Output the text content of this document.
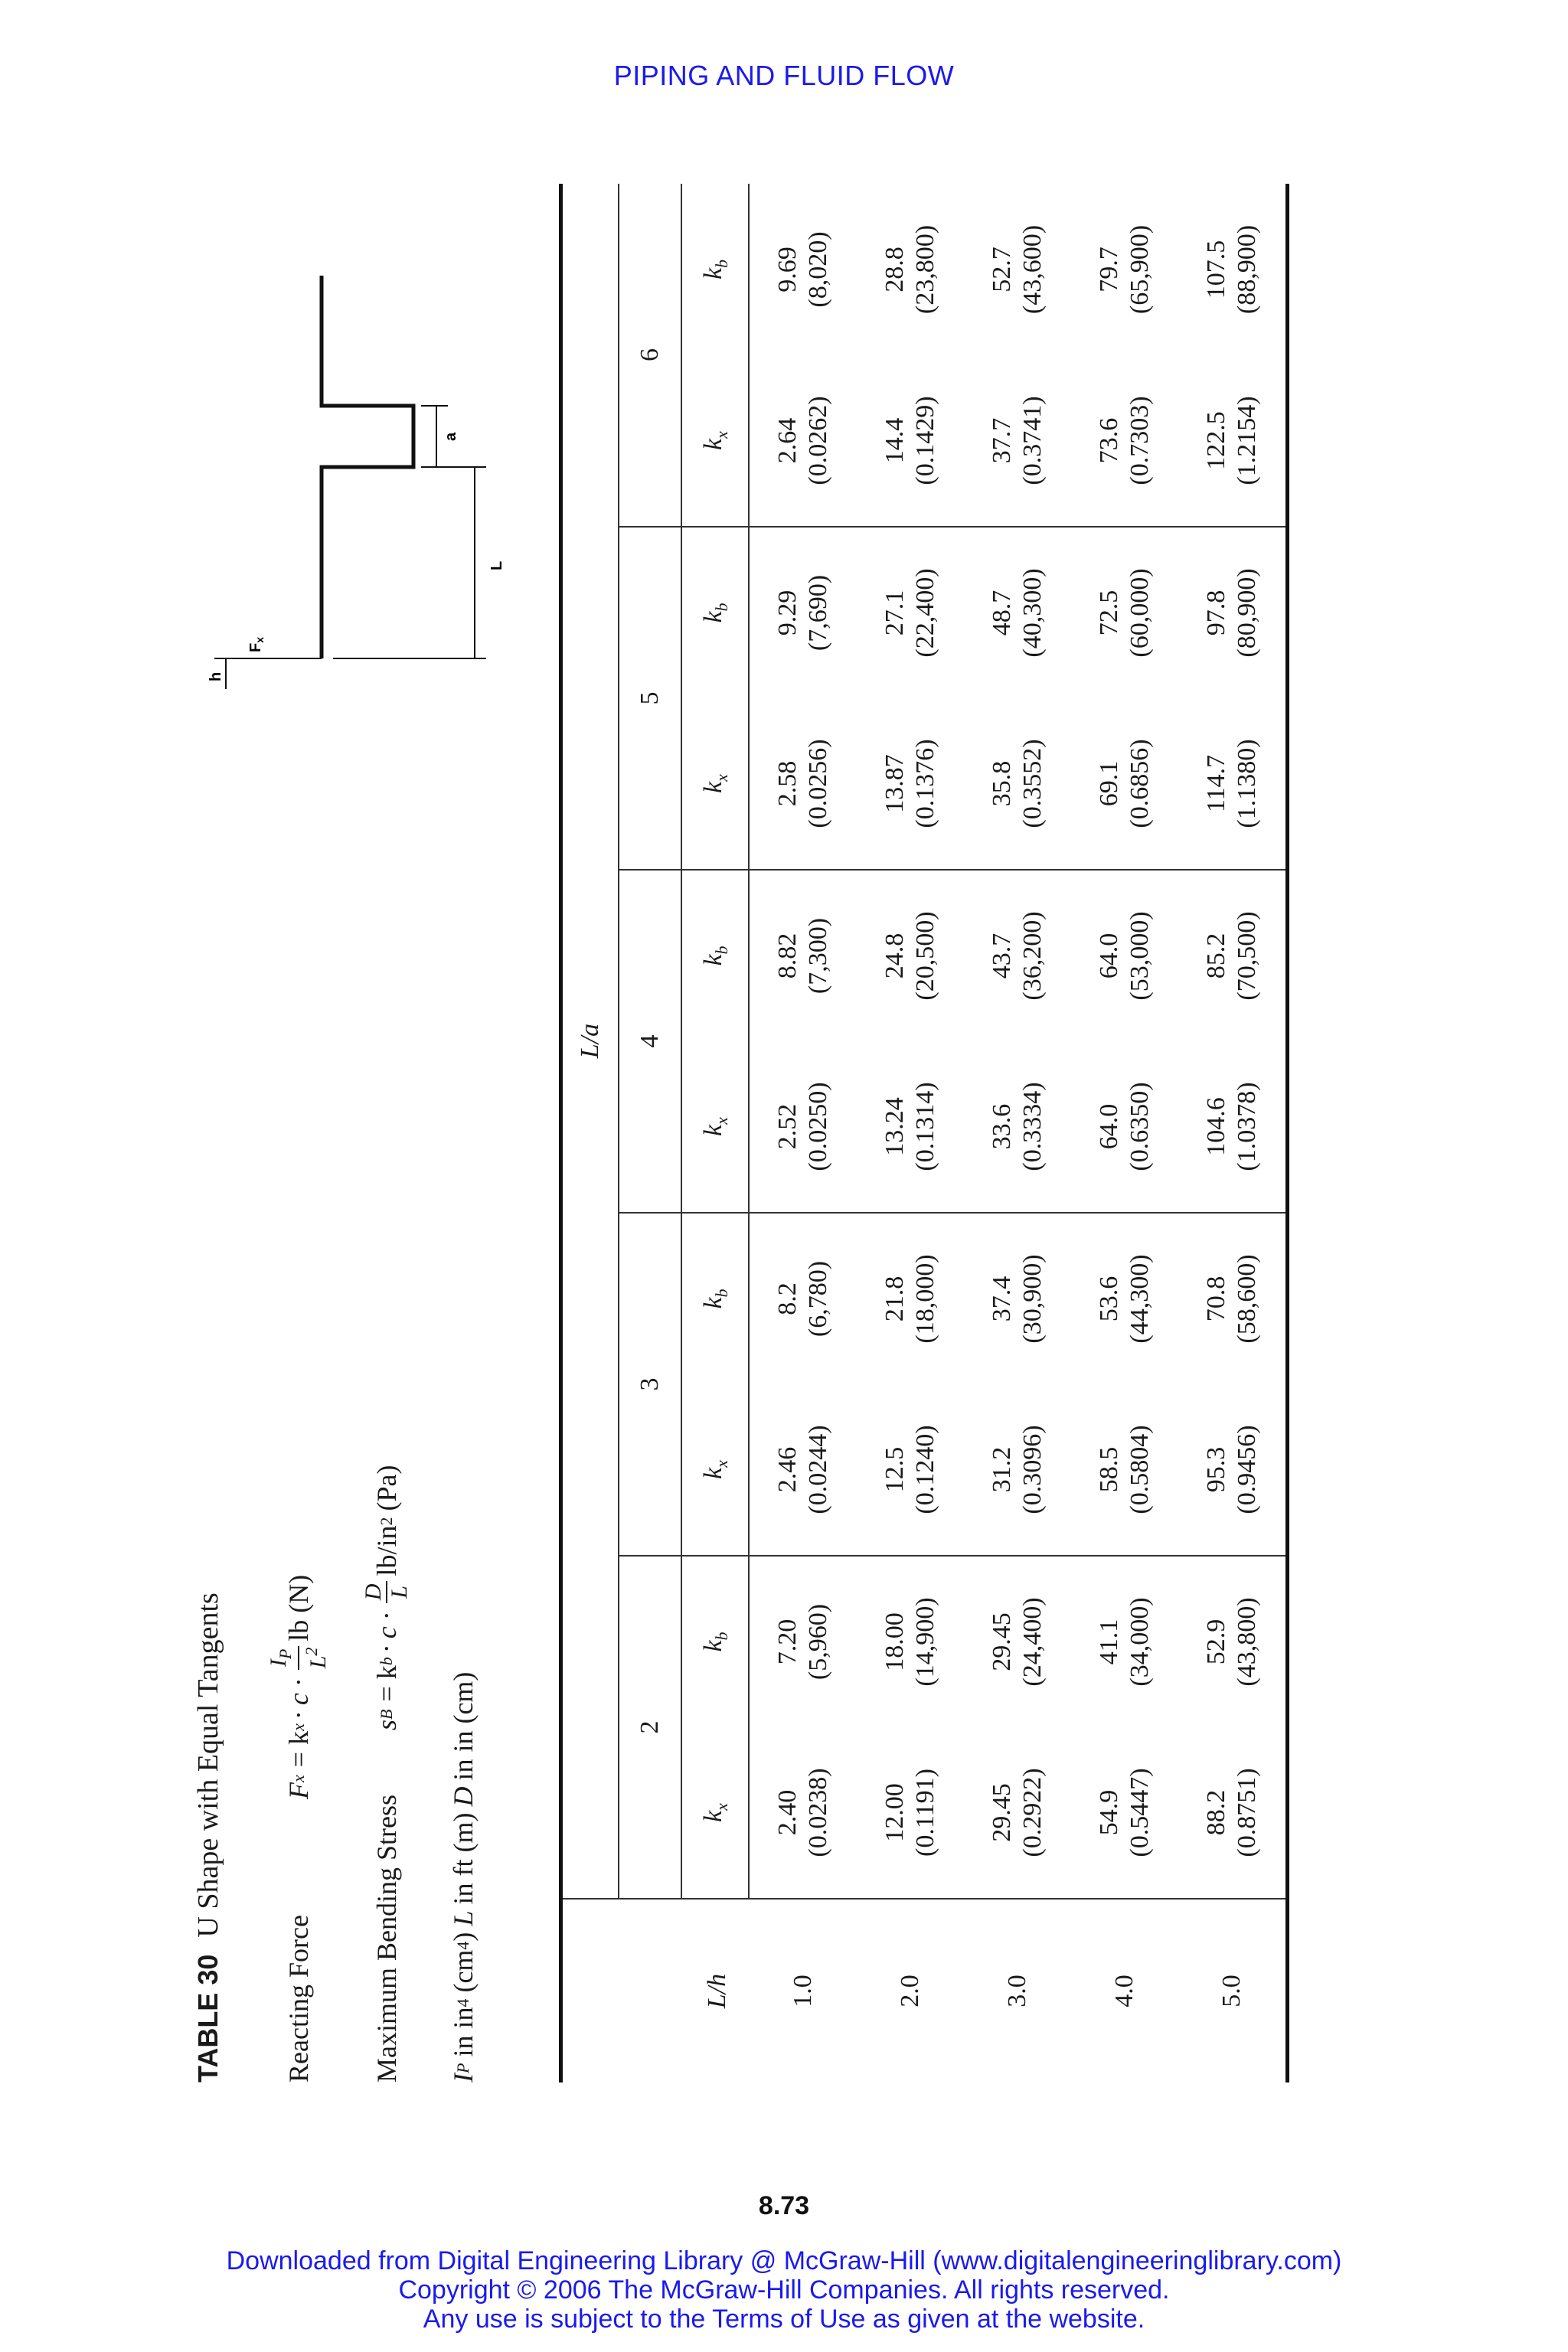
PIPING AND FLUID FLOW
TABLE 30U Shape with Equal Tangents
Reacting Force
F
x
= k
x
· c ·
$I_P$
$L^2$
lb (N)
Maximum Bending Stress
s
B
= k
b
· c ·
D L
lb/in
2
(Pa)
I
P
in in
4
(cm
4
)
L
in ft (m)
D
in in (cm)
L
a
h
$F_x$
L/h	L/a									
	2		3		4		5		6	
	$k_x$	$k_b$	$k_x$	$k_b$	$k_x$	$k_b$	$k_x$	$k_b$	$k_x$	$k_b$
1.0	2.40 (0.0238)	7.20 (5,960)	2.46 (0.0244)	8.2 (6,780)	2.52 (0.0250)	8.82 (7,300)	2.58 (0.0256)	9.29 (7,690)	2.64 (0.0262)	9.69 (8,020)

2.0	12.00 (0.1191)	18.00 (14,900)	12.5 (0.1240)	21.8 (18,000)	13.24 (0.1314)	24.8 (20,500)	13.87 (0.1376)	27.1 (22,400)	14.4 (0.1429)	28.8 (23,800)

3.0	29.45 (0.2922)	29.45 (24,400)	31.2 (0.3096)	37.4 (30,900)	33.6 (0.3334)	43.7 (36,200)	35.8 (0.3552)	48.7 (40,300)	37.7 (0.3741)	52.7 (43,600)

4.0	54.9 (0.5447)	41.1 (34,000)	58.5 (0.5804)	53.6 (44,300)	64.0 (0.6350)	64.0 (53,000)	69.1 (0.6856)	72.5 (60,000)	73.6 (0.7303)	79.7 (65,900)

5.0	88.2 (0.8751)	52.9 (43,800)	95.3 (0.9456)	70.8 (58,600)	104.6 (1.0378)	85.2 (70,500)	114.7 (1.1380)	97.8 (80,900)	122.5 (1.2154)	107.5 (88,900)
8.73
Downloaded from Digital Engineering Library @ McGraw-Hill (www.digitalengineeringlibrary.com)
Copyright © 2006 The McGraw-Hill Companies. All rights reserved.
Any use is subject to the Terms of Use as given at the website.
